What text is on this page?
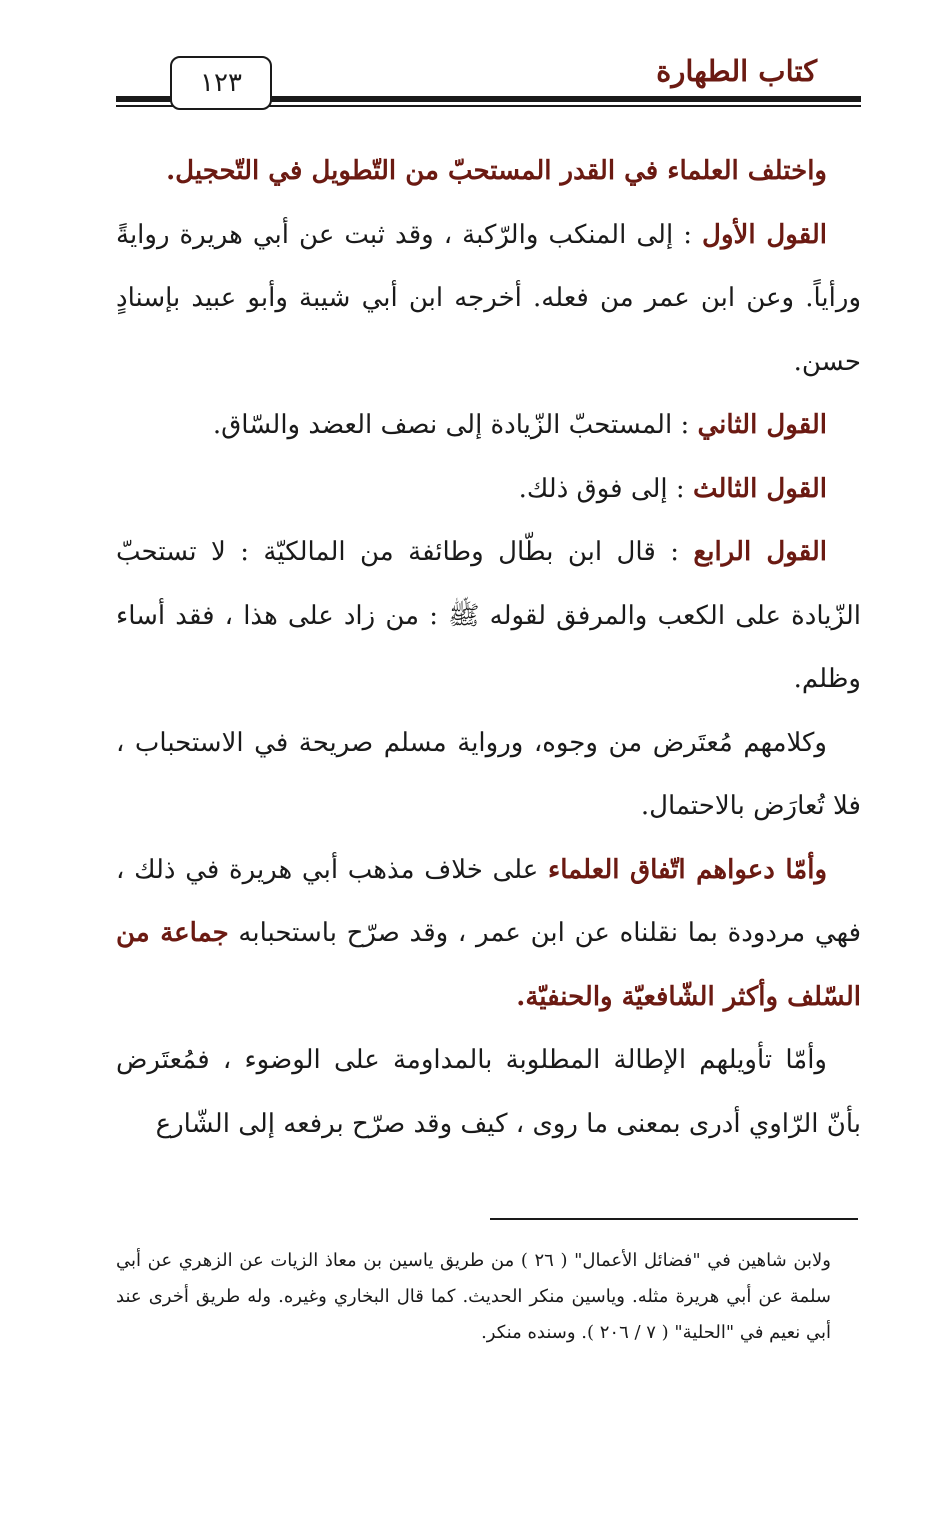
كتاب الطهارة
١٢٣

واختلف العلماء في القدر المستحبّ من التّطويل في التّحجيل.

القول الأول : إلى المنكب والرّكبة ، وقد ثبت عن أبي هريرة روايةً ورأياً. وعن ابن عمر من فعله. أخرجه ابن أبي شيبة وأبو عبيد بإسنادٍ حسن.

القول الثاني : المستحبّ الزّيادة إلى نصف العضد والسّاق.

القول الثالث : إلى فوق ذلك.

القول الرابع : قال ابن بطّال وطائفة من المالكيّة : لا تستحبّ الزّيادة على الكعب والمرفق لقوله ﷺ : من زاد على هذا ، فقد أساء وظلم.

وكلامهم مُعتَرض من وجوه، ورواية مسلم صريحة في الاستحباب ، فلا تُعارَض بالاحتمال.

وأمّا دعواهم اتّفاق العلماء على خلاف مذهب أبي هريرة في ذلك ، فهي مردودة بما نقلناه عن ابن عمر ، وقد صرّح باستحبابه جماعة من السّلف وأكثر الشّافعيّة والحنفيّة.

وأمّا تأويلهم الإطالة المطلوبة بالمداومة على الوضوء ، فمُعتَرض بأنّ الرّاوي أدرى بمعنى ما روى ، كيف وقد صرّح برفعه إلى الشّارع

ولابن شاهين في "فضائل الأعمال" ( ٢٦ ) من طريق ياسين بن معاذ الزيات عن الزهري عن أبي سلمة عن أبي هريرة مثله. وياسين منكر الحديث. كما قال البخاري وغيره. وله طريق أخرى عند أبي نعيم في "الحلية" ( ٧ / ٢٠٦ ). وسنده منكر.
